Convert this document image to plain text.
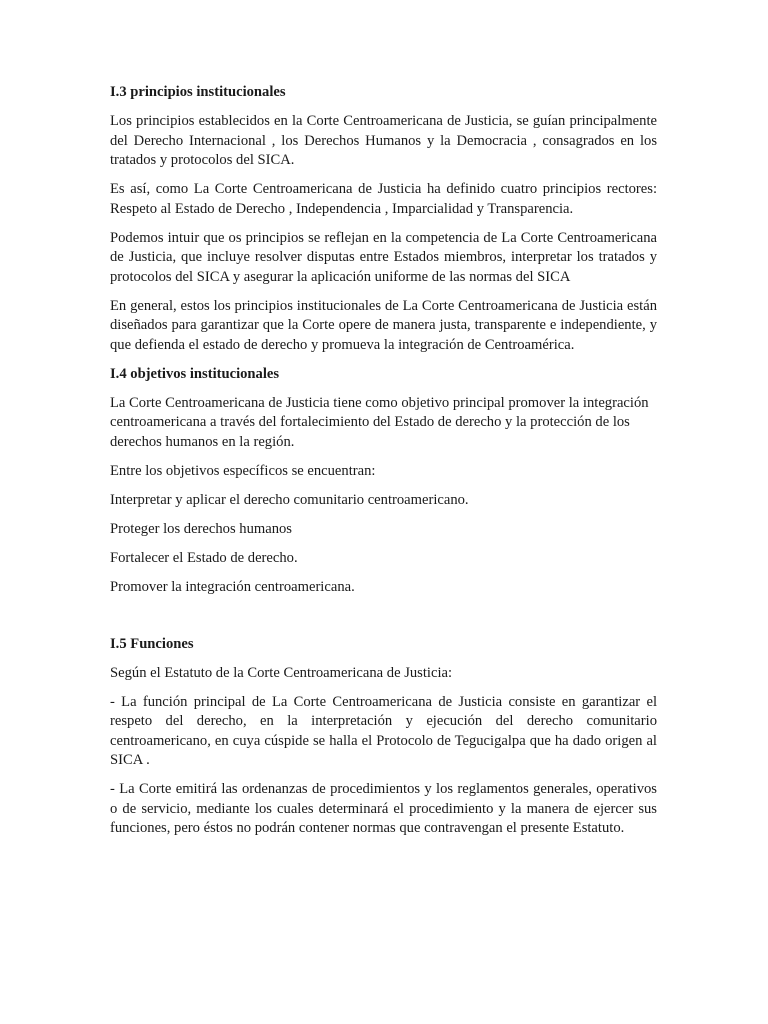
I.3 principios institucionales

Los principios establecidos en la Corte Centroamericana de Justicia, se guían principalmente del Derecho Internacional , los Derechos Humanos y la Democracia , consagrados en los tratados y protocolos del SICA.

Es así, como La Corte Centroamericana de Justicia ha definido cuatro principios rectores: Respeto al Estado de Derecho , Independencia , Imparcialidad y Transparencia.

Podemos intuir que os principios se reflejan en la competencia de La Corte Centroamericana de Justicia, que incluye resolver disputas entre Estados miembros, interpretar los tratados y protocolos del SICA y asegurar la aplicación uniforme de las normas del SICA

En general, estos los principios institucionales de La Corte Centroamericana de Justicia están diseñados para garantizar que la Corte opere de manera justa, transparente e independiente, y que defienda el estado de derecho y promueva la integración de Centroamérica.

I.4 objetivos institucionales

La Corte Centroamericana de Justicia tiene como objetivo principal promover la integración centroamericana a través del fortalecimiento del Estado de derecho y la protección de los derechos humanos en la región.

Entre los objetivos específicos se encuentran:

Interpretar y aplicar el derecho comunitario centroamericano.

Proteger los derechos humanos

Fortalecer el Estado de derecho.

Promover la integración centroamericana.

I.5 Funciones

Según el Estatuto de la Corte Centroamericana de Justicia:

- La función principal de La Corte Centroamericana de Justicia consiste en garantizar el respeto del derecho, en la interpretación y ejecución del derecho comunitario centroamericano, en cuya cúspide se halla el Protocolo de Tegucigalpa que ha dado origen al SICA .

- La Corte emitirá las ordenanzas de procedimientos y los reglamentos generales, operativos o de servicio, mediante los cuales determinará el procedimiento y la manera de ejercer sus funciones, pero éstos no podrán contener normas que contravengan el presente Estatuto.
